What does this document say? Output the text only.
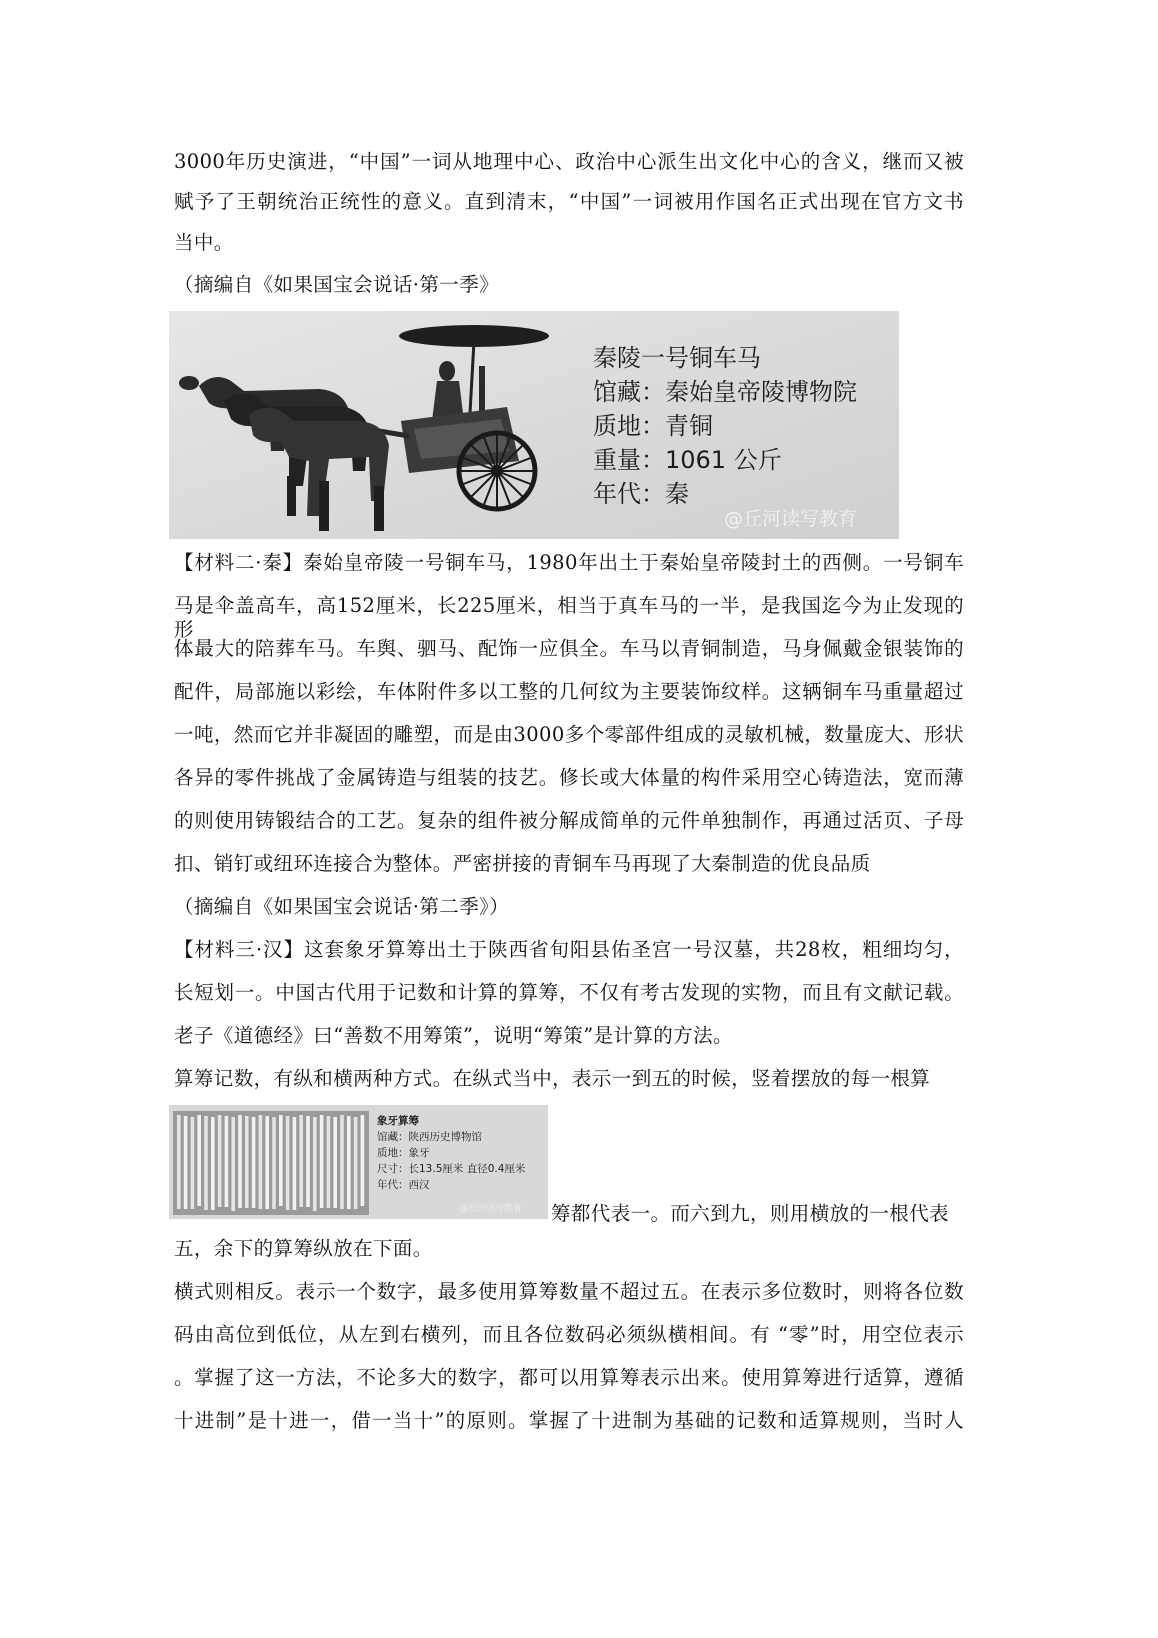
3000年历史演进，“中国”一词从地理中心、政治中心派生出文化中心的含义，继而又被
赋予了王朝统治正统性的意义。直到清末，“中国”一词被用作国名正式出现在官方文书
当中。
（摘编自《如果国宝会说话·第一季》
秦陵一号铜车马
馆藏：秦始皇帝陵博物院
质地：青铜
重量：1061 公斤
年代：秦
@丘河读写教育
【材料二·秦】秦始皇帝陵一号铜车马，1980年出土于秦始皇帝陵封土的西侧。一号铜车
马是伞盖高车，高152厘米，长225厘米，相当于真车马的一半，是我国迄今为止发现的形
体最大的陪葬车马。车舆、驷马、配饰一应俱全。车马以青铜制造，马身佩戴金银装饰的
配件，局部施以彩绘，车体附件多以工整的几何纹为主要装饰纹样。这辆铜车马重量超过
一吨，然而它并非凝固的雕塑，而是由3000多个零部件组成的灵敏机械，数量庞大、形状
各异的零件挑战了金属铸造与组装的技艺。修长或大体量的构件采用空心铸造法，宽而薄
的则使用铸锻结合的工艺。复杂的组件被分解成简单的元件单独制作，再通过活页、子母
扣、销钉或纽环连接合为整体。严密拼接的青铜车马再现了大秦制造的优良品质
（摘编自《如果国宝会说话·第二季》）
【材料三·汉】这套象牙算筹出土于陕西省旬阳县佑圣宫一号汉墓，共28枚，粗细均匀，
长短划一。中国古代用于记数和计算的算筹，不仅有考古发现的实物，而且有文献记载。
老子《道德经》曰“善数不用筹策”，说明“筹策”是计算的方法。
算筹记数，有纵和横两种方式。在纵式当中，表示一到五的时候，竖着摆放的每一根算
象牙算筹
馆藏：陕西历史博物馆
质地：象牙
尺寸：长13.5厘米 直径0.4厘米
年代：西汉
@丘河读写教育 筹都代表一。而六到九，则用横放的一根代表
五，余下的算筹纵放在下面。
横式则相反。表示一个数字，最多使用算筹数量不超过五。在表示多位数时，则将各位数
码由高位到低位，从左到右横列，而且各位数码必须纵横相间。有 “零”时，用空位表示
。掌握了这一方法，不论多大的数字，都可以用算筹表示出来。使用算筹进行适算，遵循
十进制”是十进一，借一当十”的原则。掌握了十进制为基础的记数和适算规则，当时人
